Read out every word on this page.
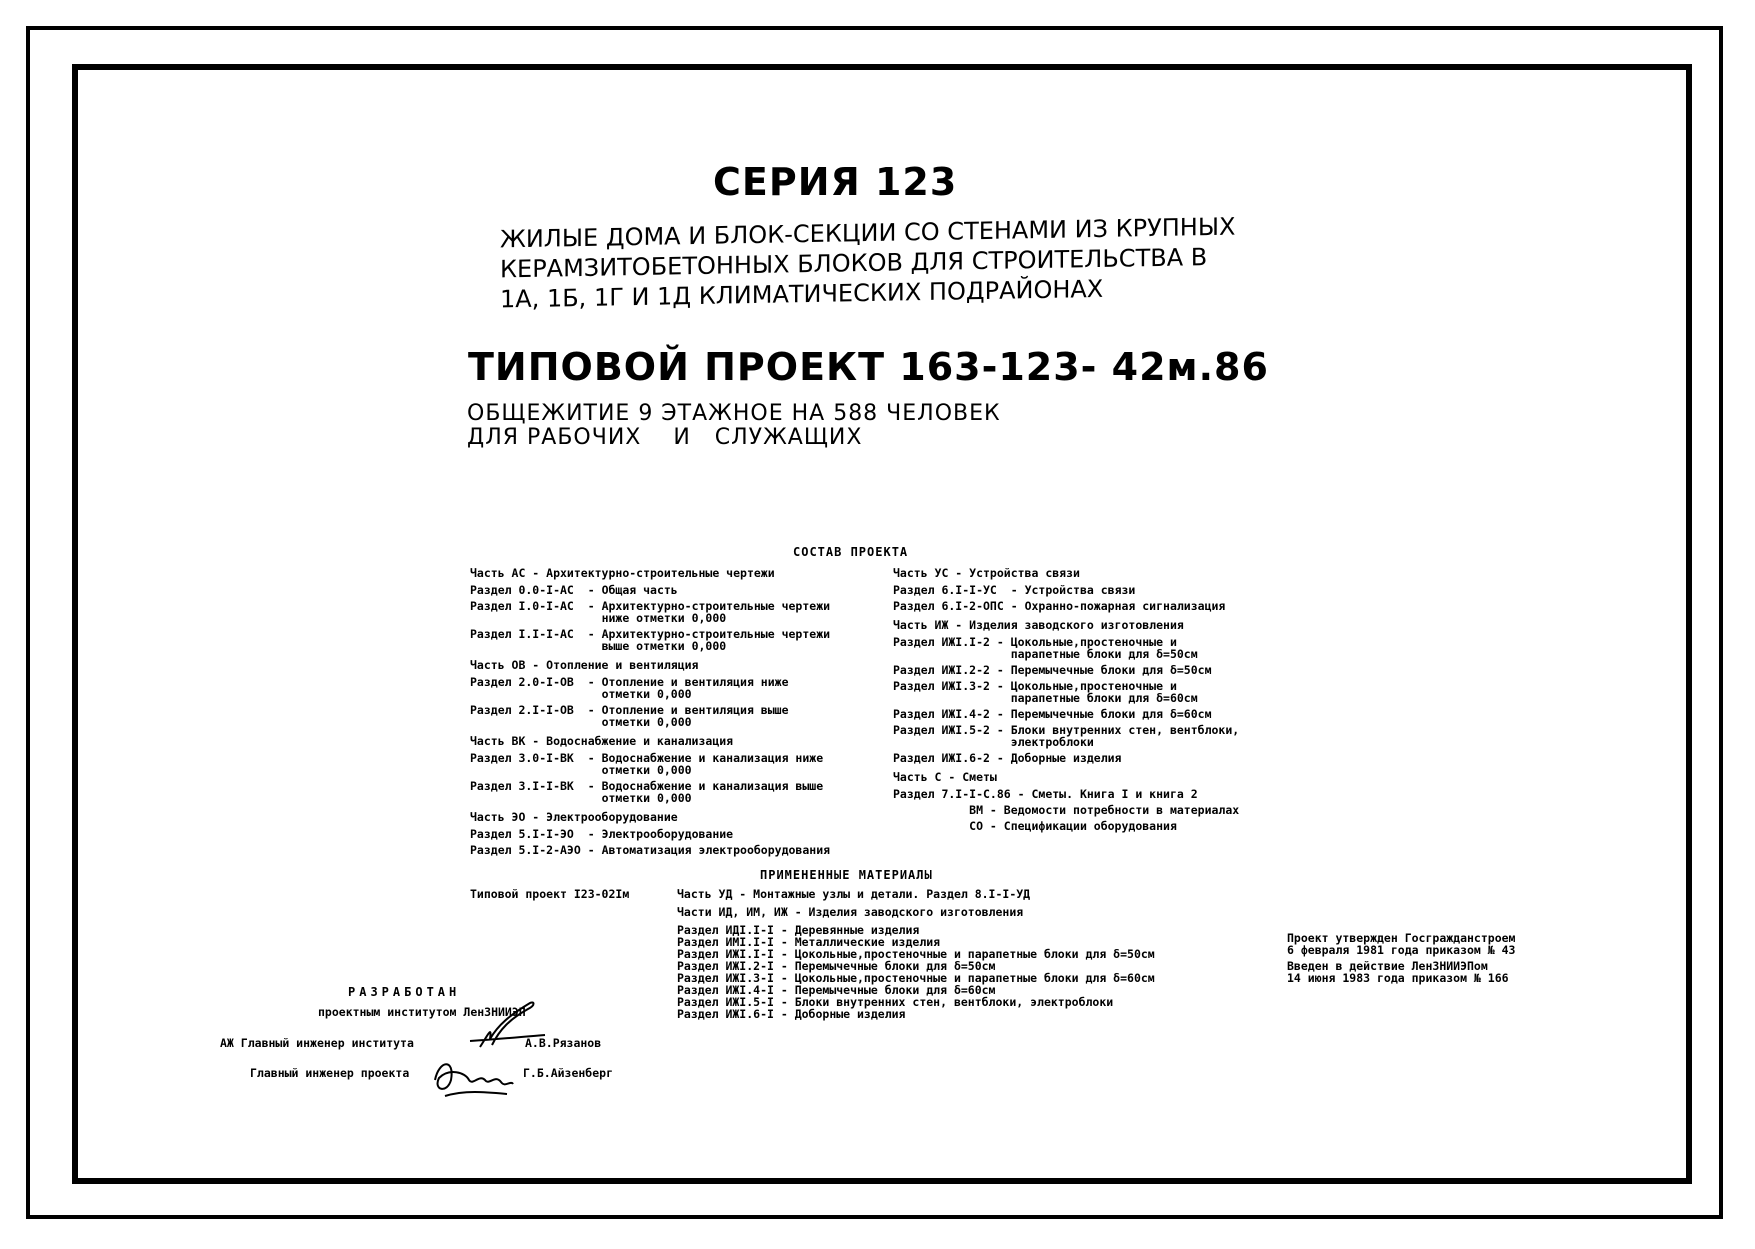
СЕРИЯ 123
ЖИЛЫЕ ДОМА И БЛОК-СЕКЦИИ СО СТЕНАМИ ИЗ КРУПНЫХ
КЕРАМЗИТОБЕТОННЫХ БЛОКОВ ДЛЯ СТРОИТЕЛЬСТВА В
1А, 1Б, 1Г И 1Д КЛИМАТИЧЕСКИХ ПОДРАЙОНАХ
ТИПОВОЙ ПРОЕКТ 163-123- 42м.86
ОБЩЕЖИТИЕ 9 ЭТАЖНОЕ НА 588 ЧЕЛОВЕК
ДЛЯ РАБОЧИХ    И   СЛУЖАЩИХ
СОСТАВ ПРОЕКТА
Часть АС - Архитектурно-строительные чертежи
Раздел 0.0-I-АС  - Общая часть
Раздел I.0-I-АС  - Архитектурно-строительные чертежи
ниже отметки 0,000
Раздел I.I-I-АС  - Архитектурно-строительные чертежи
выше отметки 0,000
Часть ОВ - Отопление и вентиляция
Раздел 2.0-I-ОВ  - Отопление и вентиляция ниже
отметки 0,000
Раздел 2.I-I-ОВ  - Отопление и вентиляция выше
отметки 0,000
Часть ВК - Водоснабжение и канализация
Раздел 3.0-I-ВК  - Водоснабжение и канализация ниже
отметки 0,000
Раздел 3.I-I-ВК  - Водоснабжение и канализация выше
отметки 0,000
Часть ЭО - Электрооборудование
Раздел 5.I-I-ЭО  - Электрооборудование
Раздел 5.I-2-АЭО - Автоматизация электрооборудования
Часть УС - Устройства связи
Раздел 6.I-I-УС  - Устройства связи
Раздел 6.I-2-ОПС - Охранно-пожарная сигнализация
Часть ИЖ - Изделия заводского изготовления
Раздел ИЖI.I-2 - Цокольные,простеночные и
парапетные блоки для δ=50см
Раздел ИЖI.2-2 - Перемычечные блоки для δ=50см
Раздел ИЖI.3-2 - Цокольные,простеночные и
парапетные блоки для δ=60см
Раздел ИЖI.4-2 - Перемычечные блоки для δ=60см
Раздел ИЖI.5-2 - Блоки внутренних стен, вентблоки,
электроблоки
Раздел ИЖI.6-2 - Доборные изделия
Часть С - Сметы
Раздел 7.I-I-С.86 - Сметы. Книга I и книга 2
ВМ - Ведомости потребности в материалах
СО - Спецификации оборудования
ПРИМЕНЕННЫЕ МАТЕРИАЛЫ
Типовой проект I23-02Iм	Часть УД - Монтажные узлы и детали. Раздел 8.I-I-УД
Части ИД, ИМ, ИЖ - Изделия заводского изготовления
Раздел ИДI.I-I - Деревянные изделия
Раздел ИМI.I-I - Металлические изделия
Раздел ИЖI.I-I - Цокольные,простеночные и парапетные блоки для δ=50см
Раздел ИЖI.2-I - Перемычечные блоки для δ=50см
Раздел ИЖI.3-I - Цокольные,простеночные и парапетные блоки для δ=60см
Раздел ИЖI.4-I - Перемычечные блоки для δ=60см
Раздел ИЖI.5-I - Блоки внутренних стен, вентблоки, электроблоки
Раздел ИЖI.6-I - Доборные изделия
Проект утвержден Госгражданстроем
6 февраля 1981 года приказом № 43
Введен в действие ЛенЗНИИЭПом
14 июня 1983 года приказом № 166
РАЗРАБОТАН
проектным институтом ЛенЗНИИЭП
АЖ Главный инженер института	А.В.Рязанов
Главный инженер проекта	Г.Б.Айзенберг
